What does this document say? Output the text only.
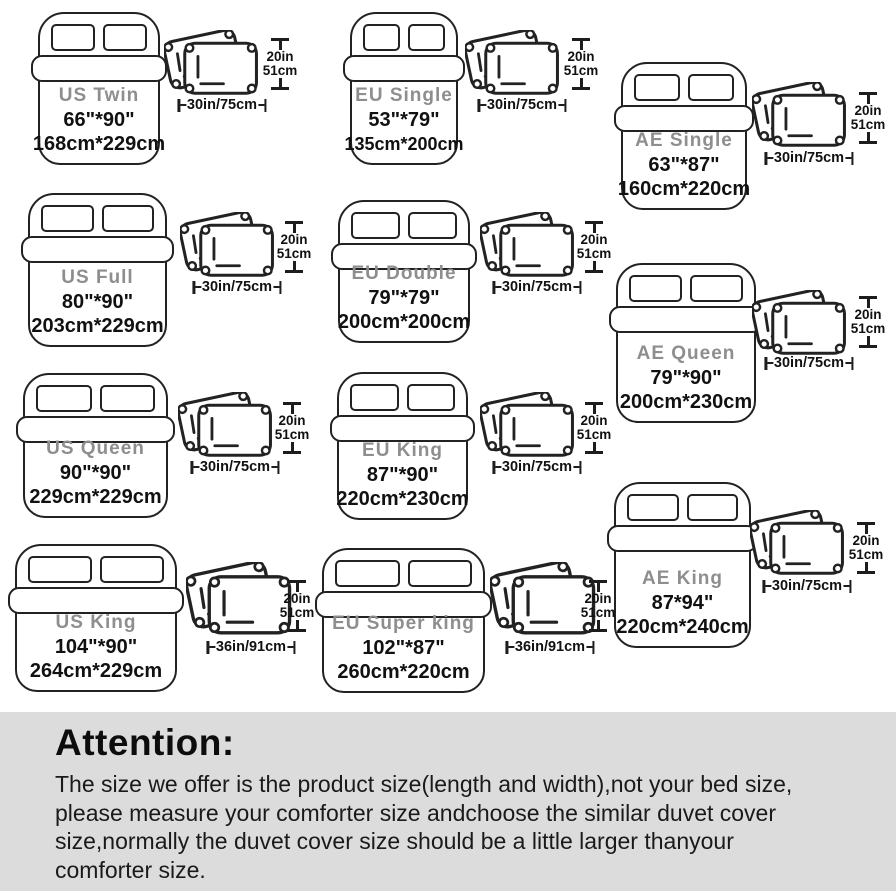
US Twin
66"*90"
168cm*229cm
20in
51cm
30in/75cm	EU Single
53"*79"
135cm*200cm
20in
51cm
30in/75cm
AE Single
63"*87"
160cm*220cm
20in
51cm
30in/75cm
US Full
80"*90"
203cm*229cm
20in
51cm
30in/75cm
EU Double
79"*79"
200cm*200cm
20in
51cm
30in/75cm
AE Queen
79"*90"
200cm*230cm
20in
51cm
30in/75cm
US Queen
90"*90"
229cm*229cm
20in
51cm
30in/75cm
EU King
87"*90"
220cm*230cm
20in
51cm
30in/75cm
AE King
87*94"
220cm*240cm
20in
51cm
30in/75cm
US King
104"*90"
264cm*229cm
20in
51cm
36in/91cm
EU Super king
102"*87"
260cm*220cm
20in
51cm
36in/91cm
Attention:
The size we offer is the product size(length and width),not your bed size,
please measure your comforter size andchoose the similar duvet cover
size,normally the duvet cover size should be a little larger thanyour
comforter size.
